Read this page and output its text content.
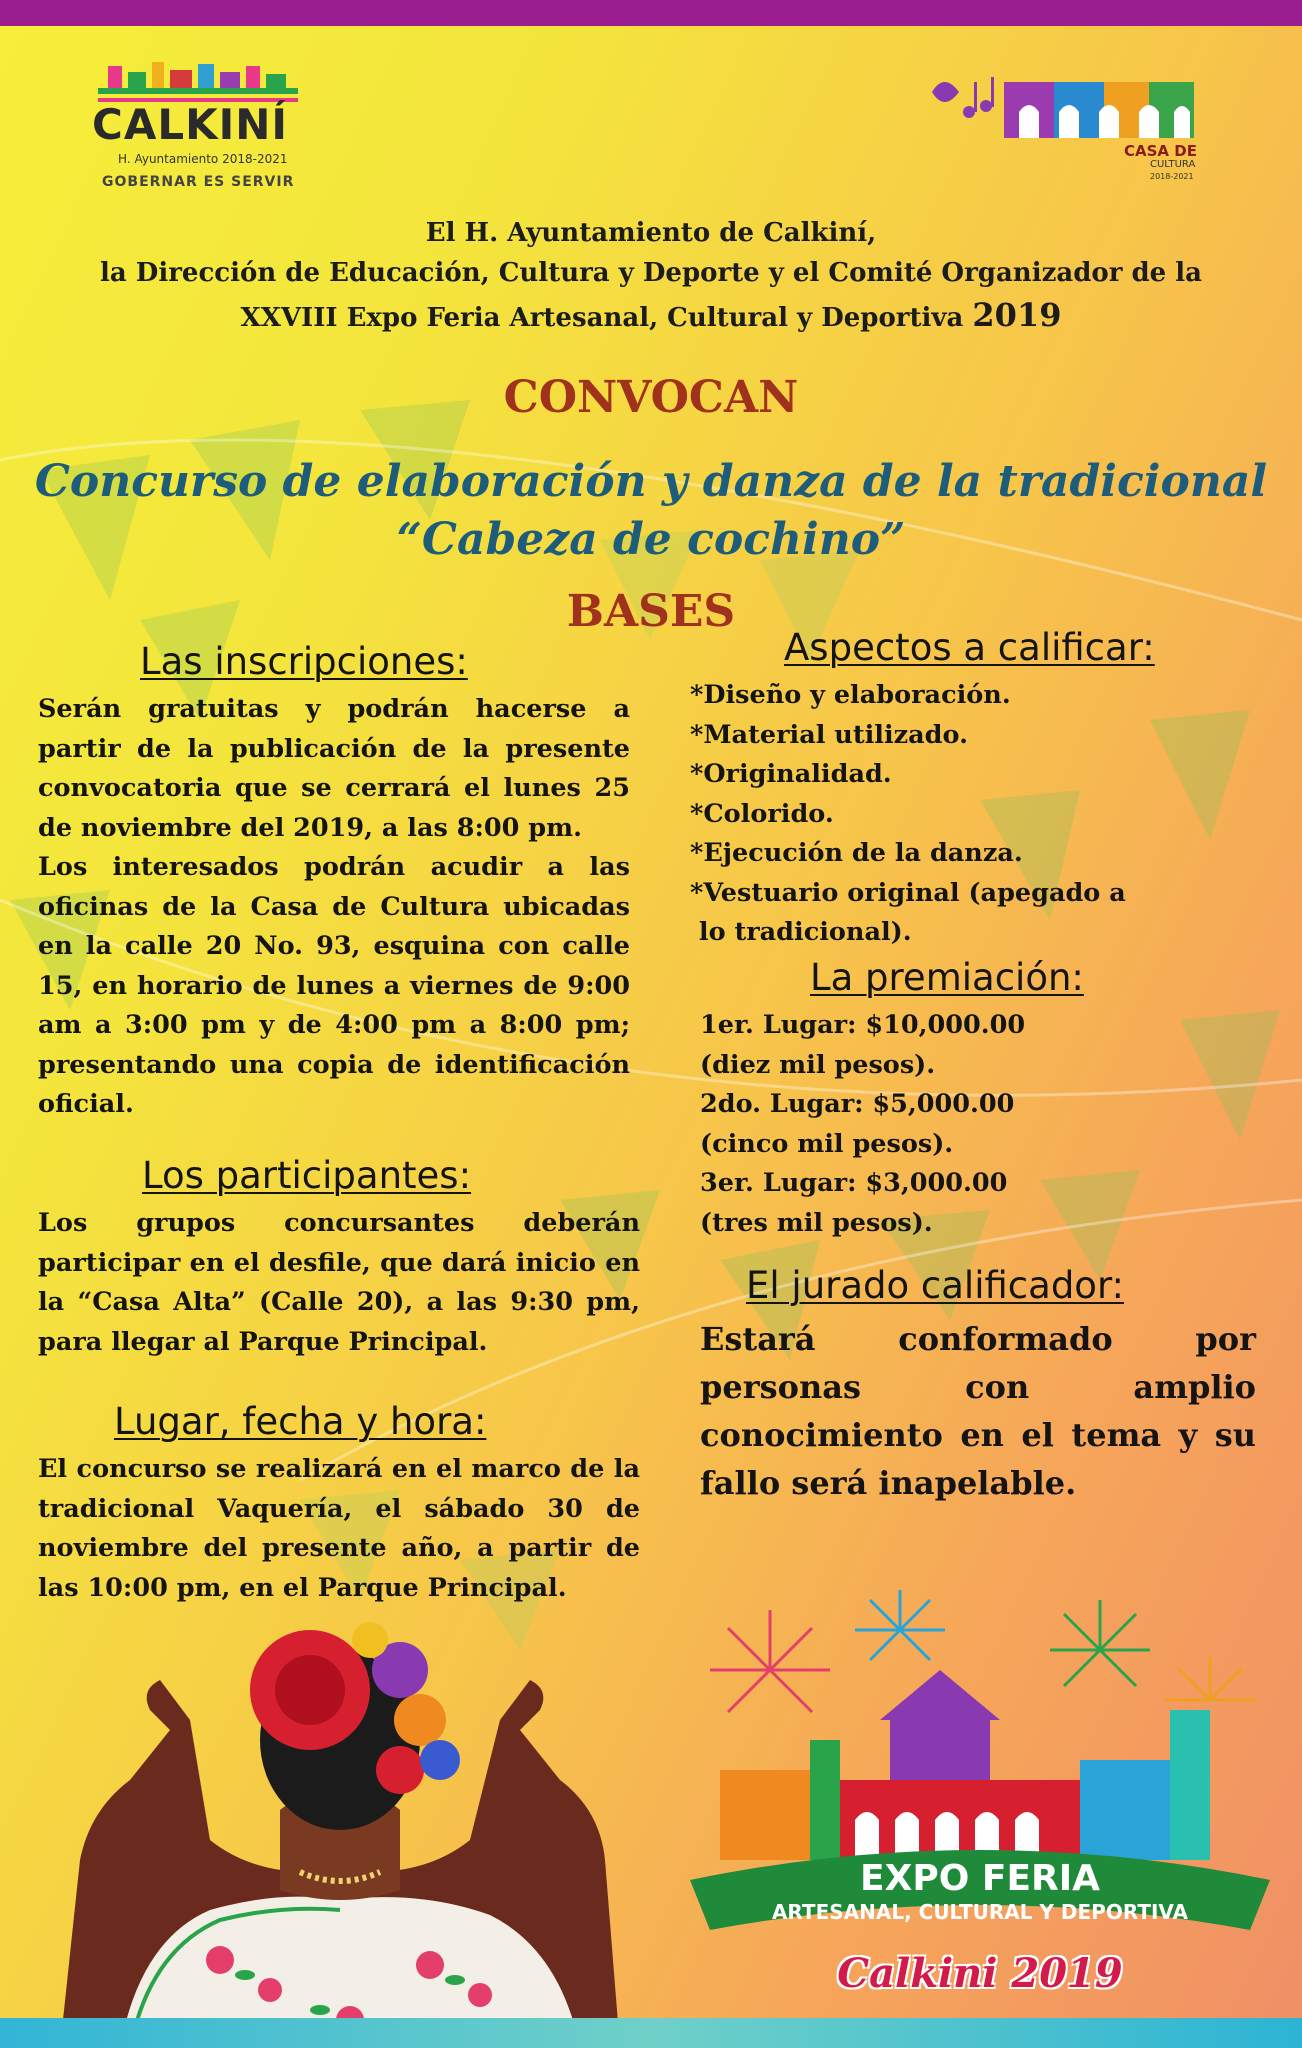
CALKINÍ
H. Ayuntamiento 2018-2021
GOBERNAR ES SERVIR
CASA DE
CULTURA
2018-2021
El H. Ayuntamiento de Calkiní,
la Dirección de Educación, Cultura y Deporte y el Comité Organizador de la
XXVIII Expo Feria Artesanal, Cultural y Deportiva 2019
CONVOCAN
Concurso de elaboración y danza de la tradicional
“Cabeza de cochino”
BASES
Las inscripciones:
Serán gratuitas y podrán hacerse a partir de la publicación de la presente convocatoria que se cerrará el lunes 25 de noviembre del 2019, a las 8:00 pm.
Los interesados podrán acudir a las oficinas de la Casa de Cultura ubicadas en la calle 20 No. 93, esquina con calle 15, en horario de lunes a viernes de 9:00 am a 3:00 pm y de 4:00 pm a 8:00 pm; presentando una copia de identificación oficial.
Los participantes:
Los grupos concursantes deberán participar en el desfile, que dará inicio en la “Casa Alta” (Calle 20), a las 9:30 pm, para llegar al Parque Principal.
Lugar, fecha y hora:
El concurso se realizará en el marco de la tradicional Vaquería, el sábado 30 de noviembre del presente año, a partir de las 10:00 pm, en el Parque Principal.
Aspectos a calificar:
*Diseño y elaboración.
*Material utilizado.
*Originalidad.
*Colorido.
*Ejecución de la danza.
*Vestuario original (apegado a
lo tradicional).
La premiación:
1er. Lugar: $10,000.00
(diez mil pesos).
2do. Lugar: $5,000.00
(cinco mil pesos).
3er. Lugar: $3,000.00
(tres mil pesos).
El jurado calificador:
Estará conformado por personas con amplio conocimiento en el tema y su fallo será inapelable.
EXPO FERIA
ARTESANAL, CULTURAL Y DEPORTIVA
Calkini 2019
